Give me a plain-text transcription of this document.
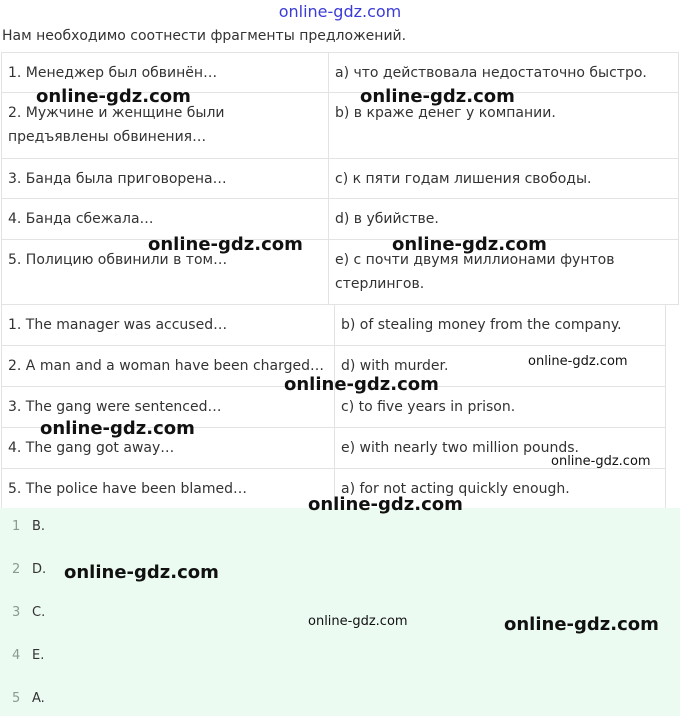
online-gdz.com
Нам необходимо соотнести фрагменты предложений.
1. Менеджер был обвинён…	a) что действовала недостаточно быстро.
2. Мужчине и женщине были предъявлены обвинения…	b) в краже денег у компании.
3. Банда была приговорена…	c) к пяти годам лишения свободы.
4. Банда сбежала…	d) в убийстве.
5. Полицию обвинили в том…	e) с почти двумя миллионами фунтов стерлингов.
1. The manager was accused…	b) of stealing money from the company.
2. A man and a woman have been charged…	d) with murder.
3. The gang were sentenced…	c) to five years in prison.
4. The gang got away…	e) with nearly two million pounds.
5. The police have been blamed…	a) for not acting quickly enough.
1 B.
2 D.
3 C.
4 E.
5 A.
online-gdz.com	online-gdz.com
online-gdz.com	online-gdz.com
online-gdz.com
online-gdz.com
online-gdz.com
online-gdz.com
online-gdz.com
online-gdz.com
online-gdz.com	online-gdz.com
